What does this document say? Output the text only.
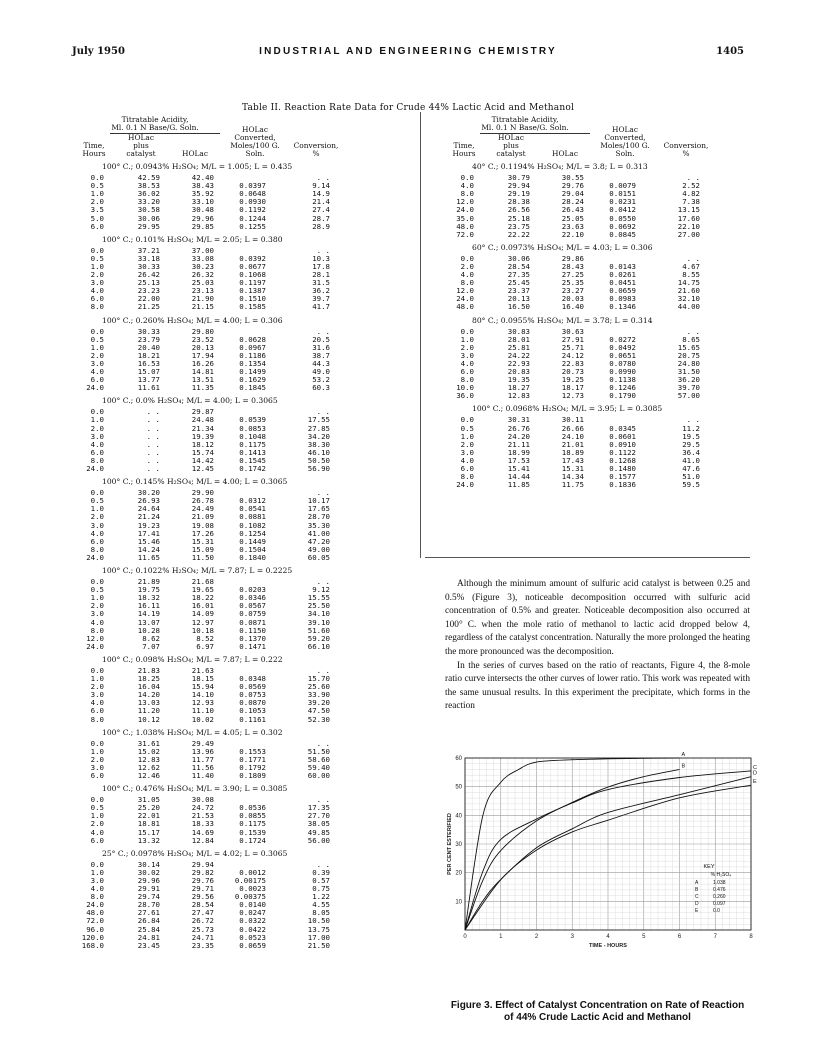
July 1950	INDUSTRIAL AND ENGINEERING CHEMISTRY	1405
Table II. Reaction Rate Data for Crude 44% Lactic Acid and Methanol
Titratable Acidity,
Ml. 0.1 N Base/G. Soln.
HOLac
plus
catalyst
Time,
Hours	HOLac
HOLac
Converted,
Moles/100 G.
Soln.
Conversion,
%
100° C.; 0.0943% H₂SO₄; M/L = 1.005; L = 0.435
0.0	42.59	42.40	. .
0.5	38.53	38.43	0.0397	9.14
1.0	36.02	35.92	0.0648	14.9
2.0	33.20	33.10	0.0930	21.4
3.5	30.58	30.48	0.1192	27.4
5.0	30.06	29.96	0.1244	28.7
6.0	29.95	29.85	0.1255	28.9
100° C.; 0.101% H₂SO₄; M/L = 2.05; L = 0.380
0.0	37.21	37.00	. .
0.5	33.18	33.08	0.0392	10.3
1.0	30.33	30.23	0.0677	17.8
2.0	26.42	26.32	0.1068	28.1
3.0	25.13	25.03	0.1197	31.5
4.0	23.23	23.13	0.1387	36.2
6.0	22.00	21.90	0.1510	39.7
8.0	21.25	21.15	0.1585	41.7
100° C.; 0.260% H₂SO₄; M/L = 4.00; L = 0.306
0.0	30.33	29.80	. .
0.5	23.79	23.52	0.0628	20.5
1.0	20.40	20.13	0.0967	31.6
2.0	18.21	17.94	0.1186	38.7
3.0	16.53	16.26	0.1354	44.3
4.0	15.07	14.81	0.1499	49.0
6.0	13.77	13.51	0.1629	53.2
24.0	11.61	11.35	0.1845	60.3
100° C.; 0.0% H₂SO₄; M/L = 4.00; L = 0.3065
0.0	. .	29.87	. .
1.0	. .	24.48	0.0539	17.55
2.0	. .	21.34	0.0853	27.85
3.0	. .	19.39	0.1048	34.20
4.0	. .	18.12	0.1175	38.30
6.0	. .	15.74	0.1413	46.10
8.0	. .	14.42	0.1545	50.50
24.0	. .	12.45	0.1742	56.90
100° C.; 0.145% H₂SO₄; M/L = 4.00; L = 0.3065
0.0	30.20	29.90	. .
0.5	26.93	26.78	0.0312	10.17
1.0	24.64	24.49	0.0541	17.65
2.0	21.24	21.09	0.0881	28.70
3.0	19.23	19.08	0.1082	35.30
4.0	17.41	17.26	0.1254	41.00
6.0	15.46	15.31	0.1449	47.20
8.0	14.24	15.09	0.1504	49.00
24.0	11.65	11.50	0.1840	60.05
100° C.; 0.1022% H₂SO₄; M/L = 7.87; L = 0.2225
0.0	21.89	21.68	. .
0.5	19.75	19.65	0.0203	9.12
1.0	18.32	18.22	0.0346	15.55
2.0	16.11	16.01	0.0567	25.50
3.0	14.19	14.09	0.0759	34.10
4.0	13.07	12.97	0.0871	39.10
8.0	10.28	10.18	0.1150	51.60
12.0	8.62	8.52	0.1370	59.20
24.0	7.07	6.97	0.1471	66.10
100° C.; 0.098% H₂SO₄; M/L = 7.87; L = 0.222
0.0	21.83	21.63	. .
1.0	18.25	18.15	0.0348	15.70
2.0	16.04	15.94	0.0569	25.60
3.0	14.20	14.10	0.0753	33.90
4.0	13.03	12.93	0.0870	39.20
6.0	11.20	11.10	0.1053	47.50
8.0	10.12	10.02	0.1161	52.30
100° C.; 1.038% H₂SO₄; M/L = 4.05; L = 0.302
0.0	31.61	29.49	. .
1.0	15.02	13.96	0.1553	51.50
2.0	12.83	11.77	0.1771	58.60
3.0	12.62	11.56	0.1792	59.40
6.0	12.46	11.40	0.1809	60.00
100° C.; 0.476% H₂SO₄; M/L = 3.90; L = 0.3085
0.0	31.05	30.08	. .
0.5	25.20	24.72	0.0536	17.35
1.0	22.01	21.53	0.0855	27.70
2.0	18.81	18.33	0.1175	38.05
4.0	15.17	14.69	0.1539	49.85
6.0	13.32	12.84	0.1724	56.00
25° C.; 0.0978% H₂SO₄; M/L = 4.02; L = 0.3065
0.0	30.14	29.94	. .
1.0	30.02	29.82	0.0012	0.39
3.0	29.96	29.76	0.00175	0.57
4.0	29.91	29.71	0.0023	0.75
8.0	29.74	29.56	0.00375	1.22
24.0	28.70	28.54	0.0140	4.55
48.0	27.61	27.47	0.0247	8.05
72.0	26.84	26.72	0.0322	10.50
96.0	25.84	25.73	0.0422	13.75
120.0	24.81	24.71	0.0523	17.00
168.0	23.45	23.35	0.0659	21.50
Titratable Acidity,
Ml. 0.1 N Base/G. Soln.
HOLac
plus
catalyst
Time,
Hours	HOLac
HOLac
Converted,
Moles/100 G.
Soln.
Conversion,
%
40° C.; 0.1194% H₂SO₄; M/L = 3.8; L = 0.313
0.0	30.79	30.55	. .
4.0	29.94	29.76	0.0079	2.52
8.0	29.19	29.04	0.0151	4.82
12.0	28.38	28.24	0.0231	7.38
24.0	26.56	26.43	0.0412	13.15
35.0	25.18	25.05	0.0550	17.60
48.0	23.75	23.63	0.0692	22.10
72.0	22.22	22.10	0.0845	27.00
60° C.; 0.0973% H₂SO₄; M/L = 4.03; L = 0.306
0.0	30.06	29.86	. .
2.0	28.54	28.43	0.0143	4.67
4.0	27.35	27.25	0.0261	8.55
8.0	25.45	25.35	0.0451	14.75
12.0	23.37	23.27	0.0659	21.60
24.0	20.13	20.03	0.0983	32.10
48.0	16.50	16.40	0.1346	44.00
80° C.; 0.0955% H₂SO₄; M/L = 3.78; L = 0.314
0.0	30.83	30.63	. .
1.0	28.01	27.91	0.0272	8.65
2.0	25.81	25.71	0.0492	15.65
3.0	24.22	24.12	0.0651	20.75
4.0	22.93	22.83	0.0780	24.80
6.0	20.83	20.73	0.0990	31.50
8.0	19.35	19.25	0.1138	36.20
10.0	18.27	18.17	0.1246	39.70
36.0	12.83	12.73	0.1790	57.00
100° C.; 0.0968% H₂SO₄; M/L = 3.95; L = 0.3085
0.0	30.31	30.11	. .
0.5	26.76	26.66	0.0345	11.2
1.0	24.20	24.10	0.0601	19.5
2.0	21.11	21.01	0.0910	29.5
3.0	18.99	18.89	0.1122	36.4
4.0	17.53	17.43	0.1268	41.0
6.0	15.41	15.31	0.1480	47.6
8.0	14.44	14.34	0.1577	51.0
24.0	11.85	11.75	0.1836	59.5

Although the minimum amount of sulfuric acid catalyst is between 0.25 and 0.5% (Figure 3), noticeable decomposition occurred with sulfuric acid concentration of 0.5% and greater. Noticeable decomposition also occurred at 100° C. when the mole ratio of methanol to lactic acid dropped below 4, regardless of the catalyst concentration. Naturally the more prolonged the heating the more pronounced was the decomposition.

In the series of curves based on the ratio of reactants, Figure 4, the 8-mole ratio curve intersects the other curves of lower ratio. This work was repeated with the same unusual results. In this experiment the precipitate, which forms in the reaction

0	1	2	3	4	5	6	7	8
10
20
30
40
50
60
TIME - HOURS
PER CENT ESTERIFIED
A
B	C
D
E
KEY
% H₂SO₄
A	1.038
B	0.476
C	0.260
D	0.097
E	0.0
Figure 3. Effect of Catalyst Concentration on Rate of Reaction of 44% Crude Lactic Acid and Methanol
